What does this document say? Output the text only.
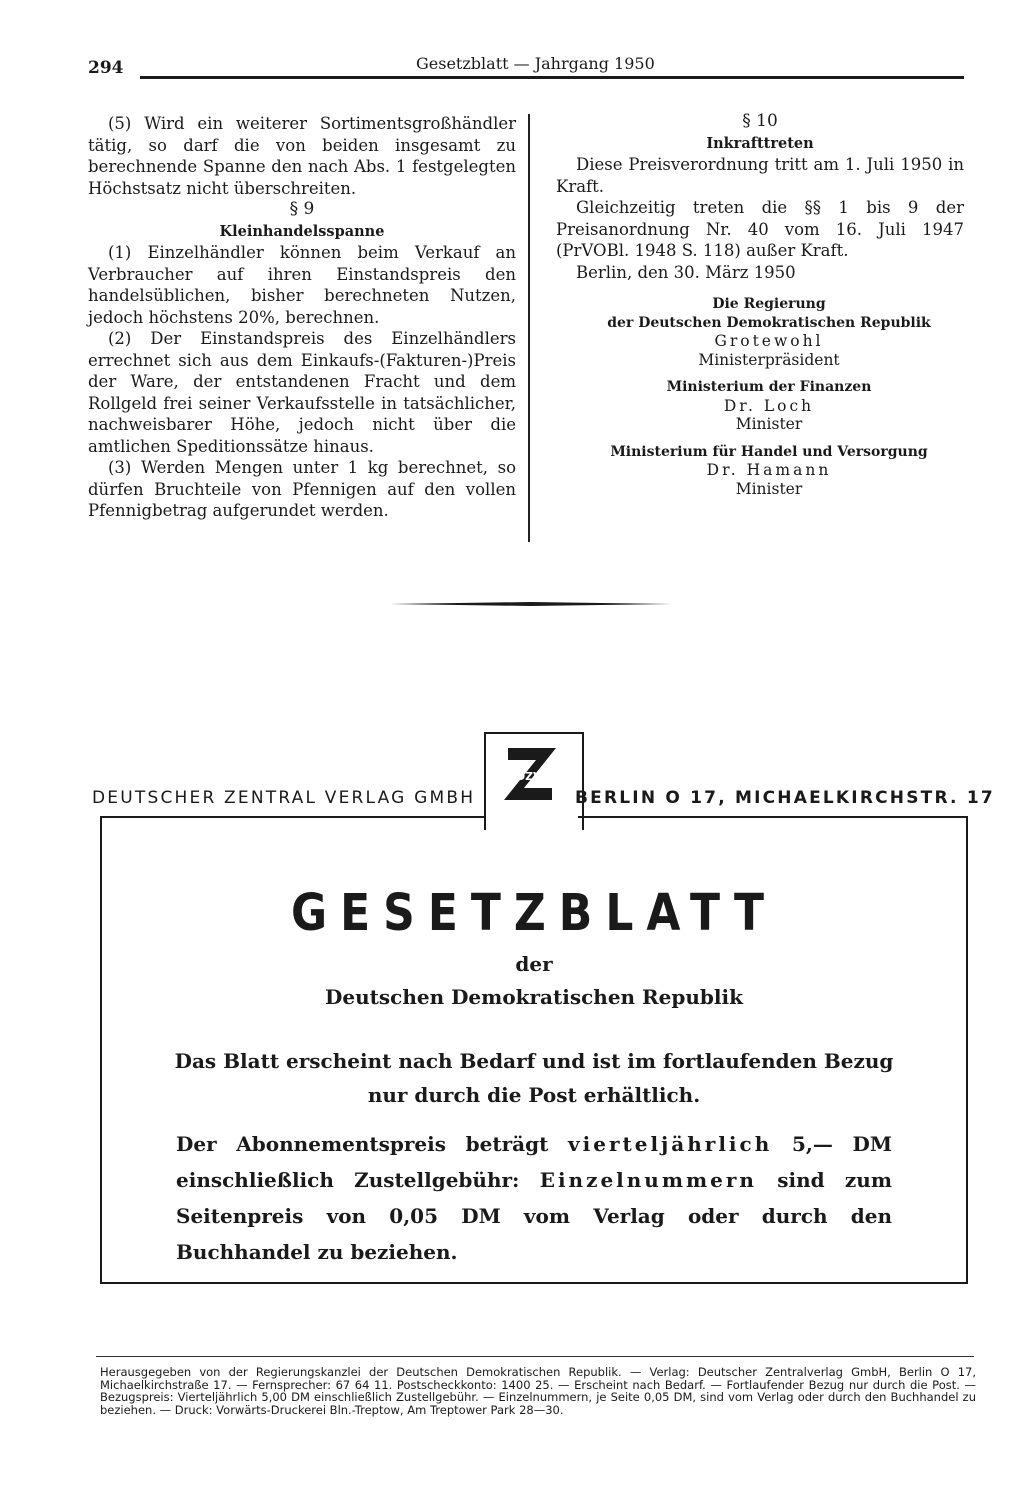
294	Gesetzblatt — Jahrgang 1950

(5) Wird ein weiterer Sortimentsgroßhändler tätig, so darf die von beiden insgesamt zu berechnende Spanne den nach Abs. 1 festgelegten Höchstsatz nicht überschreiten.

§ 9

Kleinhandelsspanne

(1) Einzelhändler können beim Verkauf an Verbraucher auf ihren Einstandspreis den handelsüblichen, bisher berechneten Nutzen, jedoch höchstens 20%, berechnen.

(2) Der Einstandspreis des Einzelhändlers errechnet sich aus dem Einkaufs-(Fakturen-)Preis der Ware, der entstandenen Fracht und dem Rollgeld frei seiner Verkaufsstelle in tatsächlicher, nachweisbarer Höhe, jedoch nicht über die amtlichen Speditionssätze hinaus.

(3) Werden Mengen unter 1 kg berechnet, so dürfen Bruchteile von Pfennigen auf den vollen Pfennigbetrag aufgerundet werden.

§ 10

Inkrafttreten

Diese Preisverordnung tritt am 1. Juli 1950 in Kraft.

Gleichzeitig treten die §§ 1 bis 9 der Preisanordnung Nr. 40 vom 16. Juli 1947 (PrVOBl. 1948 S. 118) außer Kraft.

Berlin, den 30. März 1950

Die Regierung
der Deutschen Demokratischen Republik
Grotewohl
Ministerpräsident
Ministerium der Finanzen
Dr. Loch
Minister
Ministerium für Handel und Versorgung
Dr. Hamann
Minister
DEUTSCHER ZENTRAL VERLAG GMBH
DZV
BERLIN O 17, MICHAELKIRCHSTR. 17
GESETZBLATT
der
Deutschen Demokratischen Republik
Das Blatt erscheint nach Bedarf und ist im fortlaufenden Bezug
nur durch die Post erhältlich.
Der Abonnementspreis beträgt vierteljährlich 5,— DM einschließlich Zustellgebühr: Einzelnummern sind zum Seitenpreis von 0,05 DM vom Verlag oder durch den Buchhandel zu beziehen.
Herausgegeben von der Regierungskanzlei der Deutschen Demokratischen Republik. — Verlag: Deutscher Zentralverlag GmbH, Berlin O 17, Michaelkirchstraße 17. — Fernsprecher: 67 64 11. Postscheckkonto: 1400 25. — Erscheint nach Bedarf. — Fortlaufender Bezug nur durch die Post. — Bezugspreis: Vierteljährlich 5,00 DM einschließlich Zustellgebühr. — Einzelnummern, je Seite 0,05 DM, sind vom Verlag oder durch den Buchhandel zu beziehen. — Druck: Vorwärts-Druckerei Bln.-Treptow, Am Treptower Park 28—30.
